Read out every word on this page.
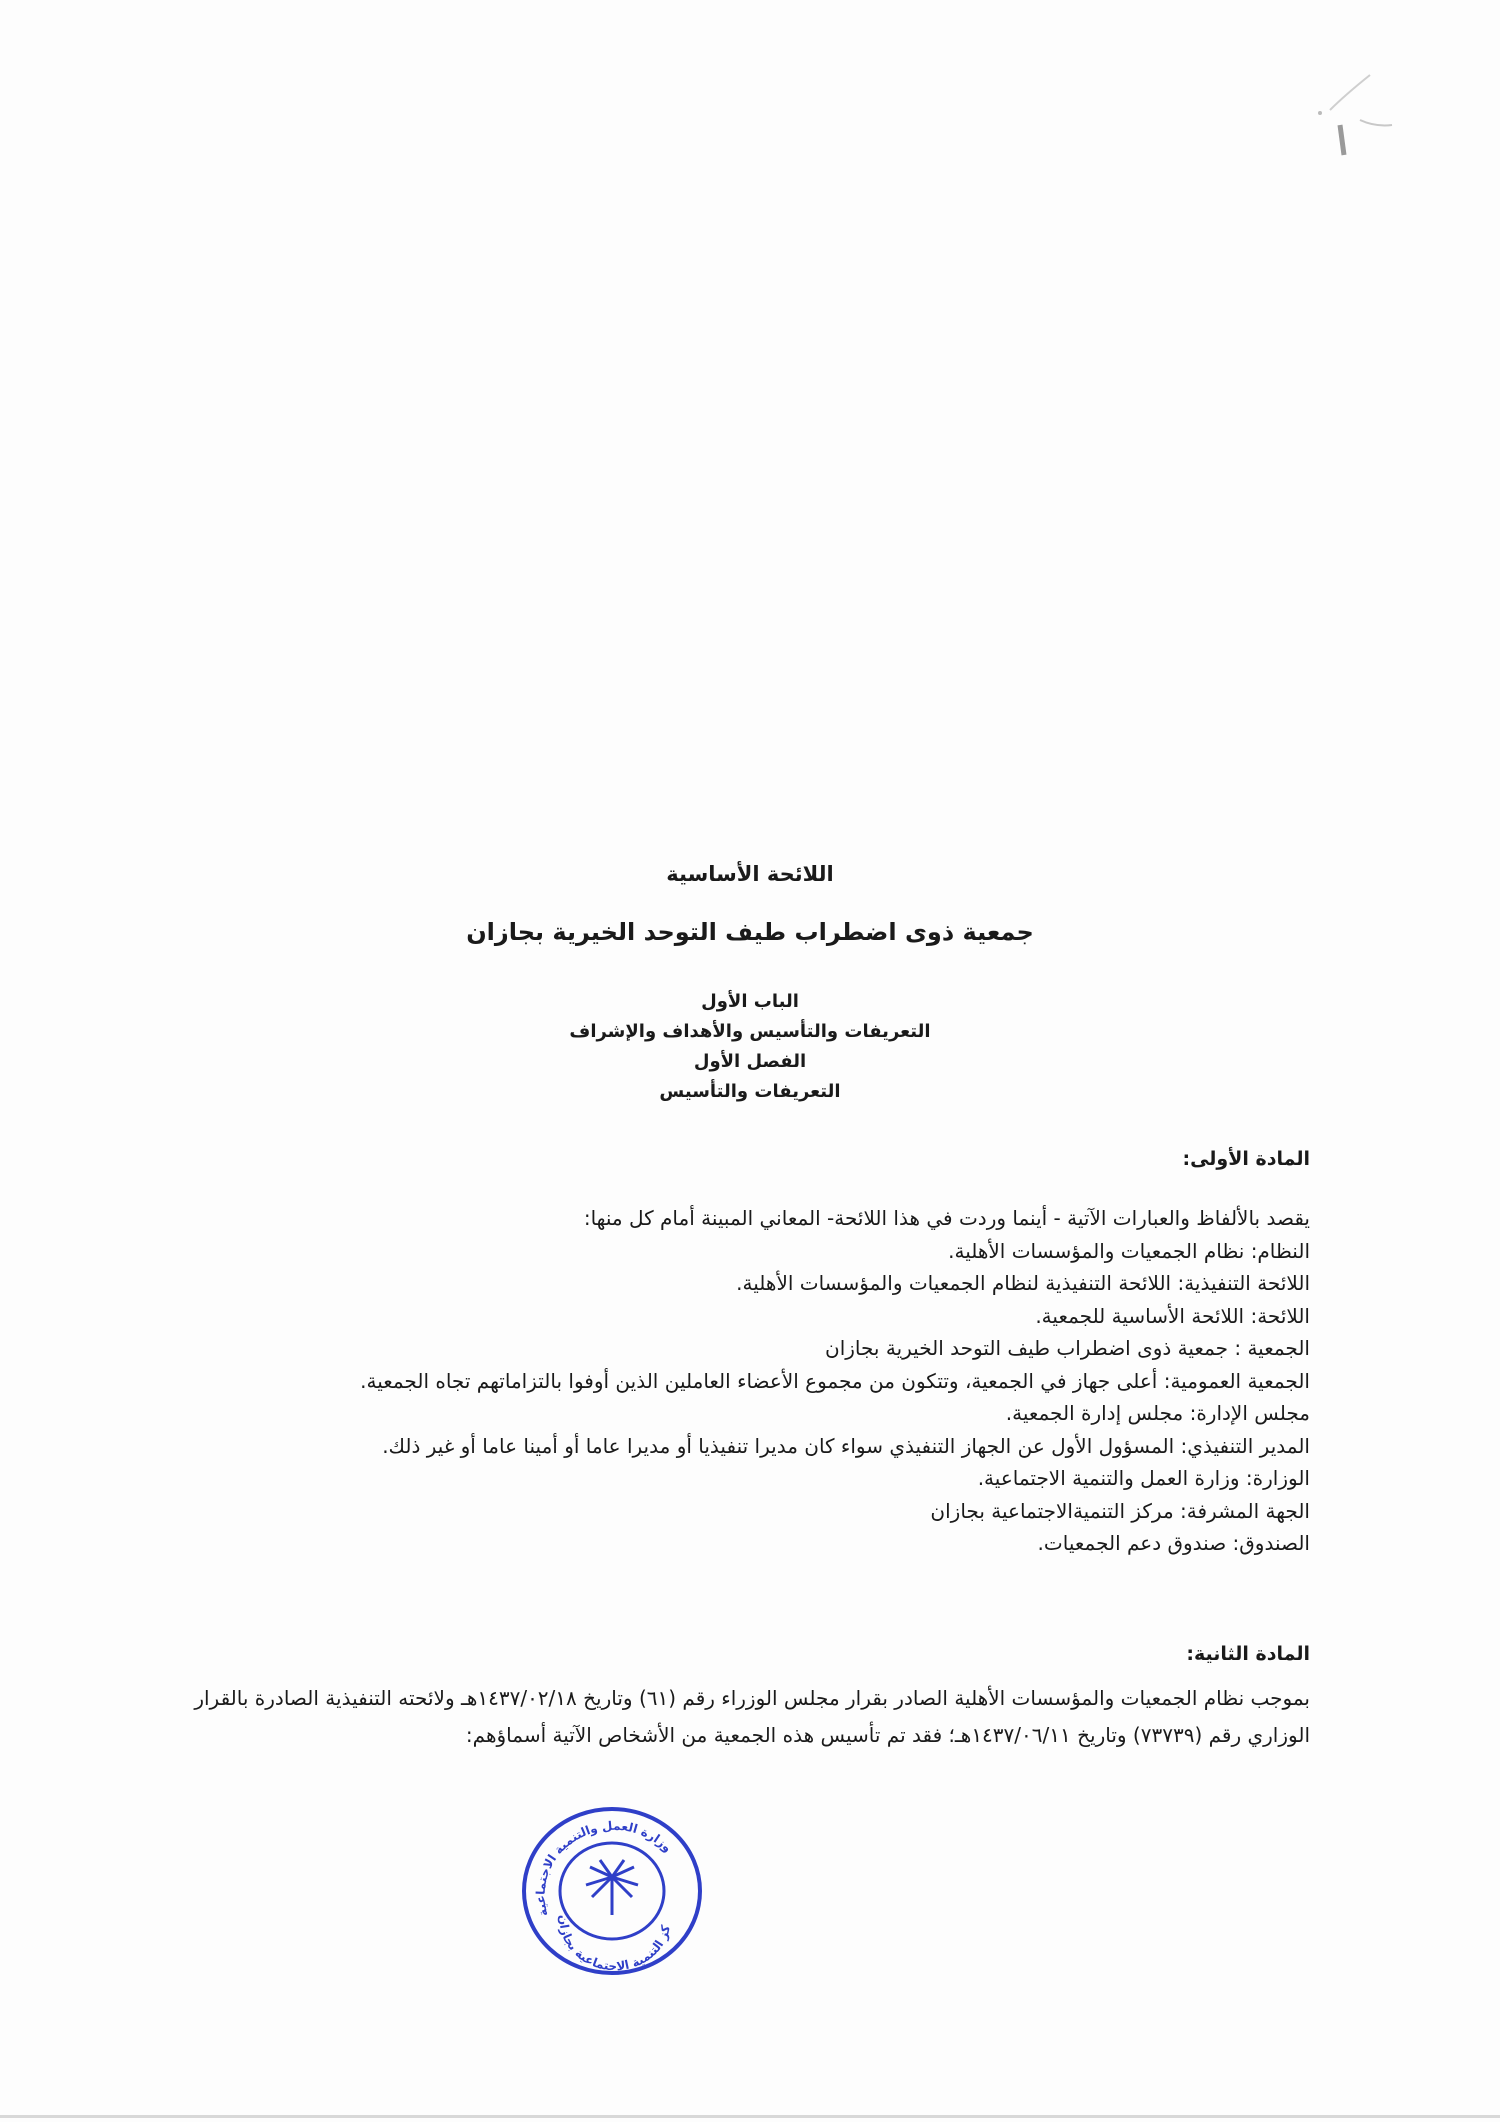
اللائحة الأساسية
جمعية ذوى اضطراب طيف التوحد الخيرية بجازان
الباب الأول
التعريفات والتأسيس والأهداف والإشراف
الفصل الأول
التعريفات والتأسيس
المادة الأولى:
يقصد بالألفاظ والعبارات الآتية - أينما وردت في هذا اللائحة- المعاني المبينة أمام كل منها:
النظام: نظام الجمعيات والمؤسسات الأهلية.
اللائحة التنفيذية: اللائحة التنفيذية لنظام الجمعيات والمؤسسات الأهلية.
اللائحة: اللائحة الأساسية للجمعية.
الجمعية : جمعية ذوى اضطراب طيف التوحد الخيرية بجازان
الجمعية العمومية: أعلى جهاز في الجمعية، وتتكون من مجموع الأعضاء العاملين الذين أوفوا بالتزاماتهم تجاه الجمعية.
مجلس الإدارة: مجلس إدارة الجمعية.
المدير التنفيذي: المسؤول الأول عن الجهاز التنفيذي سواء كان مديرا تنفيذيا أو مديرا عاما أو أمينا عاما أو غير ذلك.
الوزارة: وزارة العمل والتنمية الاجتماعية.
الجهة المشرفة: مركز التنميةالاجتماعية بجازان
الصندوق: صندوق دعم الجمعيات.
المادة الثانية:
بموجب نظام الجمعيات والمؤسسات الأهلية الصادر بقرار مجلس الوزراء رقم (٦١) وتاريخ ١٤٣٧/٠٢/١٨هـ ولائحته التنفيذية الصادرة بالقرار الوزاري رقم (٧٣٧٣٩) وتاريخ ١٤٣٧/٠٦/١١هـ؛ فقد تم تأسيس هذه الجمعية من الأشخاص الآتية أسماؤهم:
وزارة العمل والتنمية الاجتماعية
كز التنمية الاجتماعية بجازان
